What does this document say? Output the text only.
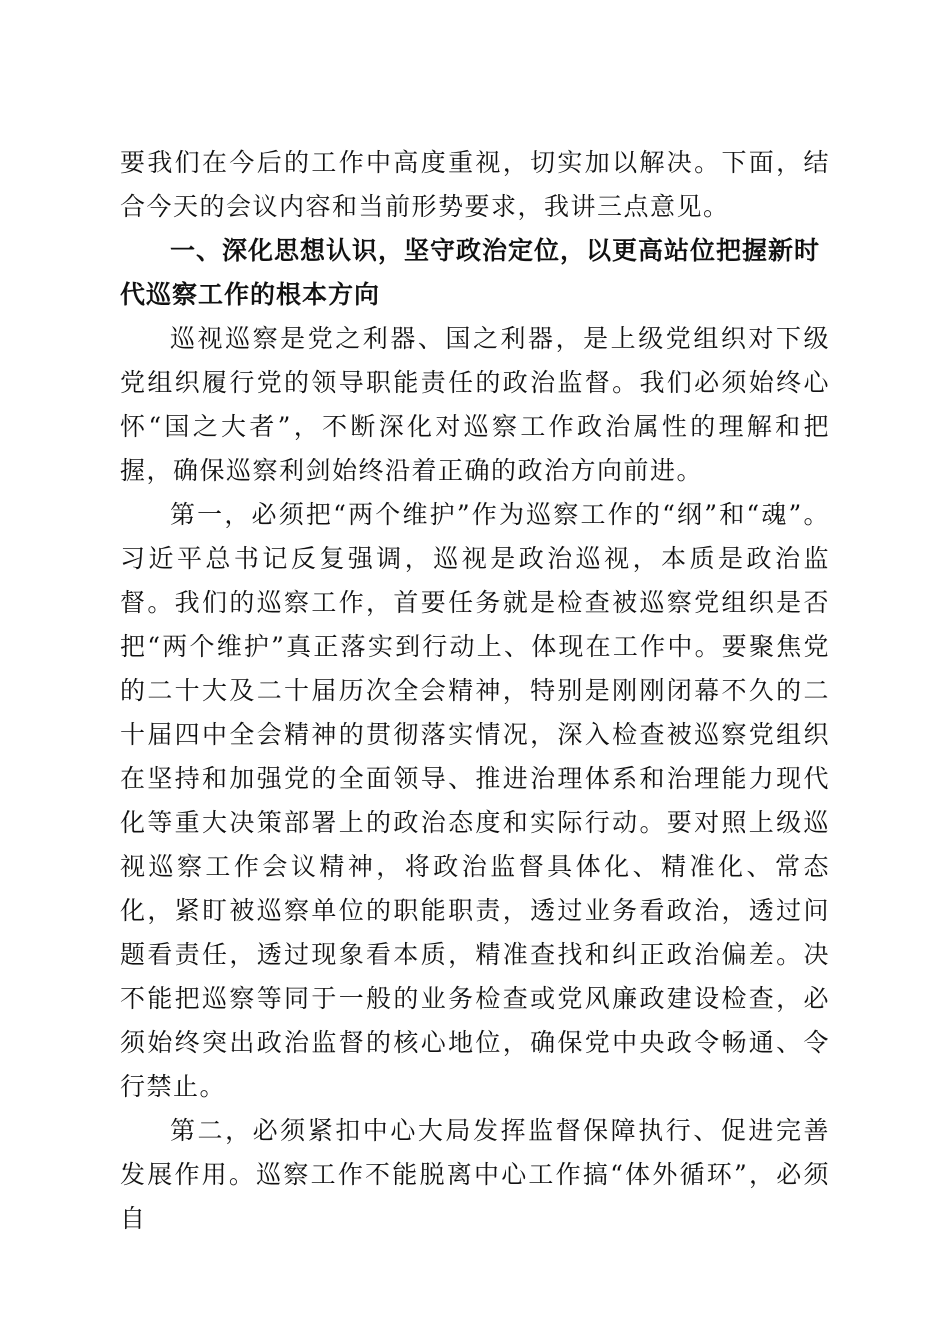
要我们在今后的工作中高度重视，切实加以解决。下面，结合今天的会议内容和当前形势要求，我讲三点意见。

一、深化思想认识，坚守政治定位，以更高站位把握新时代巡察工作的根本方向

巡视巡察是党之利器、国之利器，是上级党组织对下级党组织履行党的领导职能责任的政治监督。我们必须始终心怀“国之大者”，不断深化对巡察工作政治属性的理解和把握，确保巡察利剑始终沿着正确的政治方向前进。

第一，必须把“两个维护”作为巡察工作的“纲”和“魂”。习近平总书记反复强调，巡视是政治巡视，本质是政治监督。我们的巡察工作，首要任务就是检查被巡察党组织是否把“两个维护”真正落实到行动上、体现在工作中。要聚焦党的二十大及二十届历次全会精神，特别是刚刚闭幕不久的二十届四中全会精神的贯彻落实情况，深入检查被巡察党组织在坚持和加强党的全面领导、推进治理体系和治理能力现代化等重大决策部署上的政治态度和实际行动。要对照上级巡视巡察工作会议精神，将政治监督具体化、精准化、常态化，紧盯被巡察单位的职能职责，透过业务看政治，透过问题看责任，透过现象看本质，精准查找和纠正政治偏差。决不能把巡察等同于一般的业务检查或党风廉政建设检查，必须始终突出政治监督的核心地位，确保党中央政令畅通、令行禁止。

第二，必须紧扣中心大局发挥监督保障执行、促进完善发展作用。巡察工作不能脱离中心工作搞“体外循环”，必须自
